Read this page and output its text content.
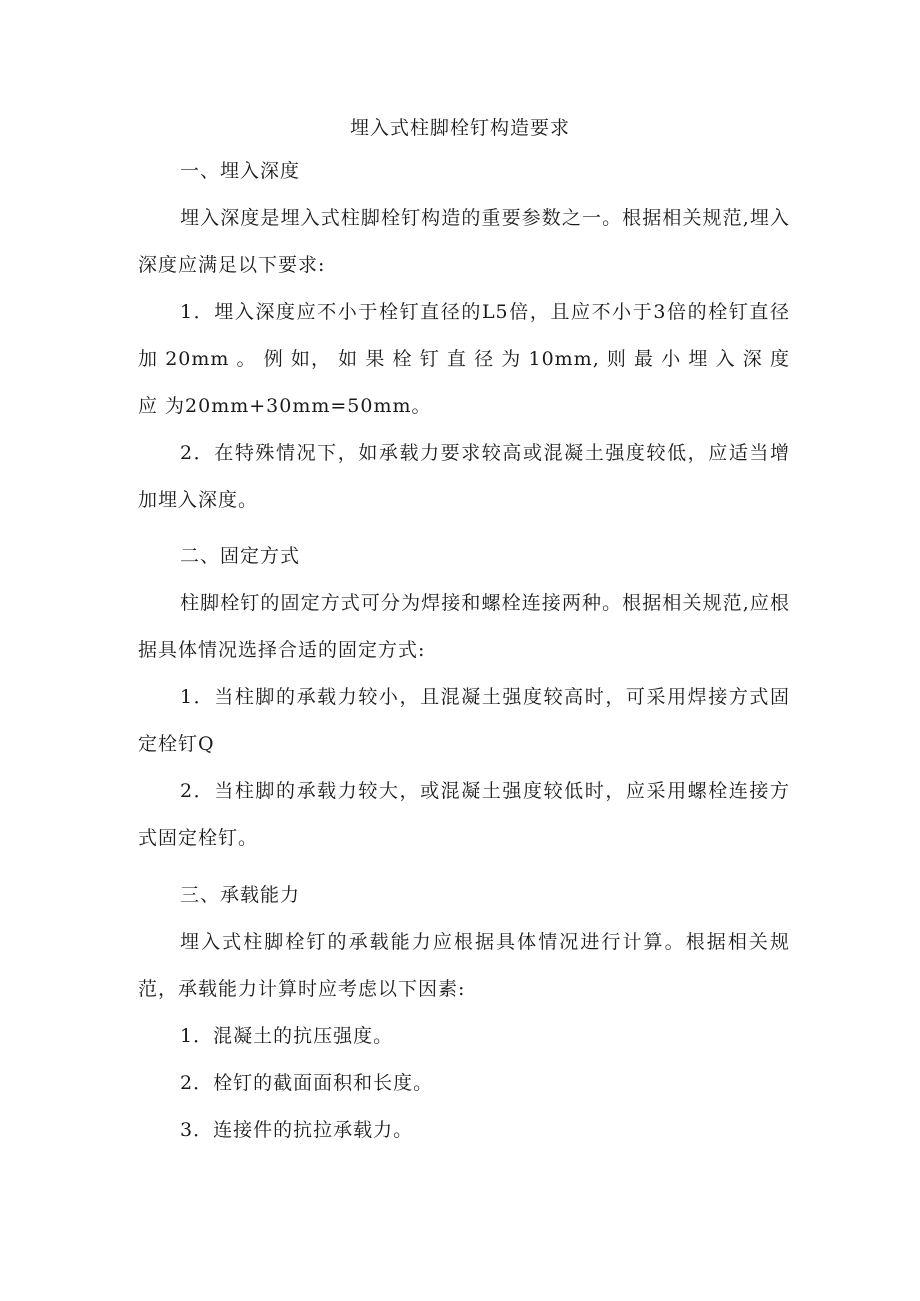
埋入式柱脚栓钉构造要求

一、埋入深度

埋入深度是埋入式柱脚栓钉构造的重要参数之一。根据相关规范,埋入深度应满足以下要求:

1．埋入深度应不小于栓钉直径的L5倍，且应不小于3倍的栓钉直径加 20mm 。 例 如， 如 果 栓 钉 直 径 为 10mm, 则 最 小 埋 入 深 度 应 为20mm+30mm=50mm。

2．在特殊情况下，如承载力要求较高或混凝土强度较低，应适当增加埋入深度。

二、固定方式

柱脚栓钉的固定方式可分为焊接和螺栓连接两种。根据相关规范,应根据具体情况选择合适的固定方式:

1．当柱脚的承载力较小，且混凝土强度较高时，可采用焊接方式固定栓钉Q

2．当柱脚的承载力较大，或混凝土强度较低时，应采用螺栓连接方式固定栓钉。

三、承载能力

埋入式柱脚栓钉的承载能力应根据具体情况进行计算。根据相关规范，承载能力计算时应考虑以下因素:

1．混凝土的抗压强度。

2．栓钉的截面面积和长度。

3．连接件的抗拉承载力。
